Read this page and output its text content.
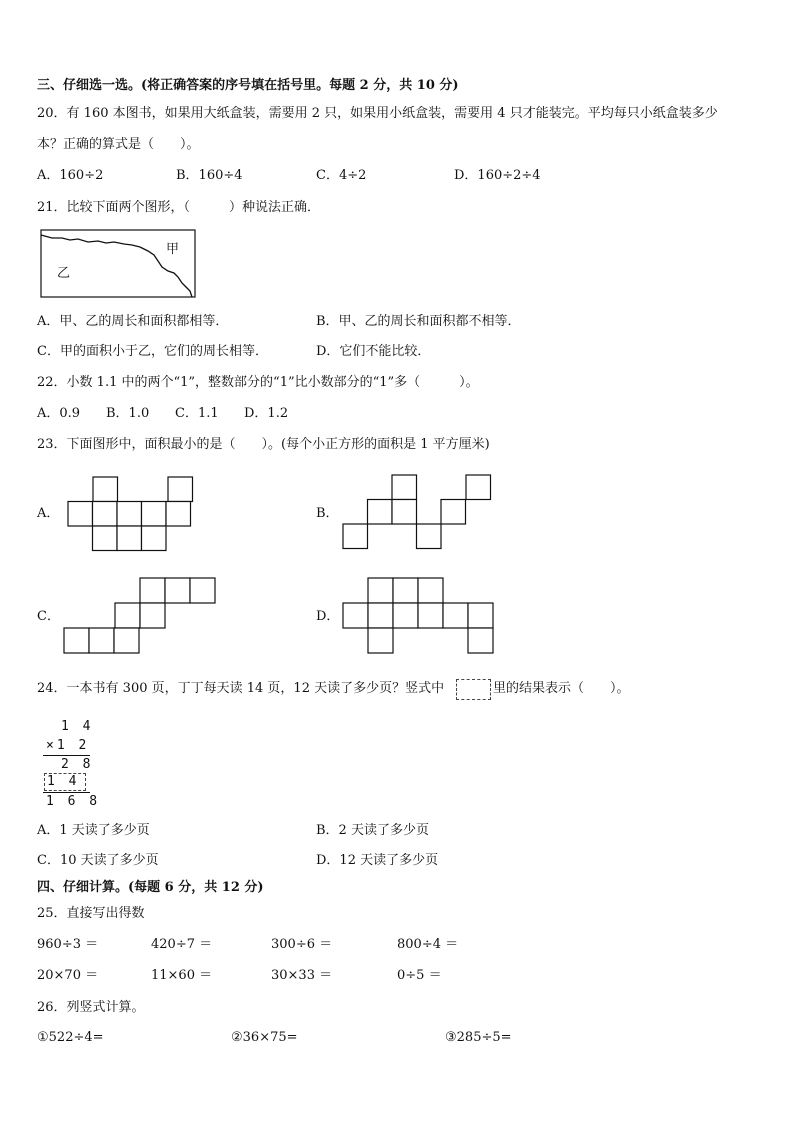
三、仔细选一选。(将正确答案的序号填在括号里。每题 2 分，共 10 分)
20．有 160 本图书，如果用大纸盒装，需要用 2 只，如果用小纸盒装，需要用 4 只才能装完。平均每只小纸盒装多少
本？正确的算式是（　　）。
A．160÷2	B．160÷4	C．4÷2	D．160÷2÷4
21．比较下面两个图形，（　　　）种说法正确．
甲
乙
A．甲、乙的周长和面积都相等．	B．甲、乙的周长和面积都不相等．
C．甲的面积小于乙，它们的周长相等．	D．它们不能比较．
22．小数 1.1 中的两个“1”，整数部分的“1”比小数部分的“1”多（　　　）。
A．0.9 B．1.0 C．1.1 D．1.2
23．下面图形中，面积最小的是（　　）。(每个小正方形的面积是 1 平方厘米)
A．	B．
C．	D．
24．一本书有 300 页，丁丁每天读 14 页，12 天读了多少页？竖式中	里的结果表示（　　）。
1 4
×1 2
2 8
1 4
1 6 8
A．1 天读了多少页	B．2 天读了多少页
C．10 天读了多少页	D．12 天读了多少页
四、仔细计算。(每题 6 分，共 12 分)
25．直接写出得数
960÷3 ＝	420÷7 ＝	300÷6 ＝	800÷4 ＝
20×70 ＝	11×60 ＝	30×33 ＝	0÷5 ＝
26．列竖式计算。
①522÷4=	②36×75=	③285÷5=
